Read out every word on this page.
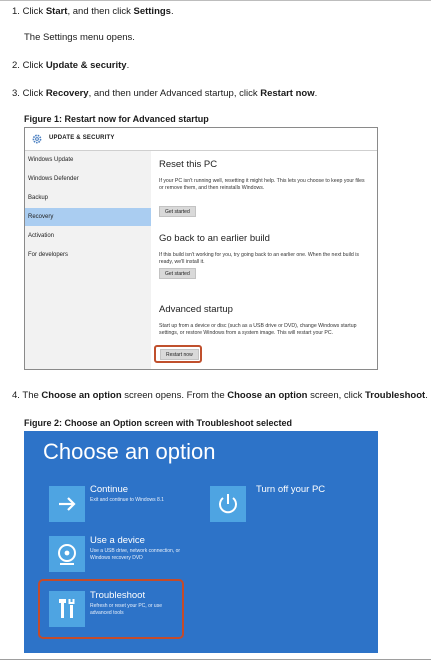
1. Click Start, and then click Settings.
The Settings menu opens.
2. Click Update & security.
3. Click Recovery, and then under Advanced startup, click Restart now.
Figure 1: Restart now for Advanced startup
UPDATE & SECURITY
Windows Update
Windows Defender
Backup
Recovery
Activation
For developers
Reset this PC
If your PC isn't running well, resetting it might help. This lets you choose to keep your files or remove them, and then reinstalls Windows.
Get started
Go back to an earlier build
If this build isn't working for you, try going back to an earlier one. When the next build is ready, we'll install it.
Get started
Advanced startup
Start up from a device or disc (such as a USB drive or DVD), change Windows startup settings, or restore Windows from a system image. This will restart your PC.
Restart now
4. The Choose an option screen opens. From the Choose an option screen, click Troubleshoot.
Figure 2: Choose an Option screen with Troubleshoot selected
Choose an option
Continue
Exit and continue to Windows 8.1
Turn off your PC
Use a device
Use a USB drive, network connection, or Windows recovery DVD
Troubleshoot
Refresh or reset your PC, or use advanced tools
